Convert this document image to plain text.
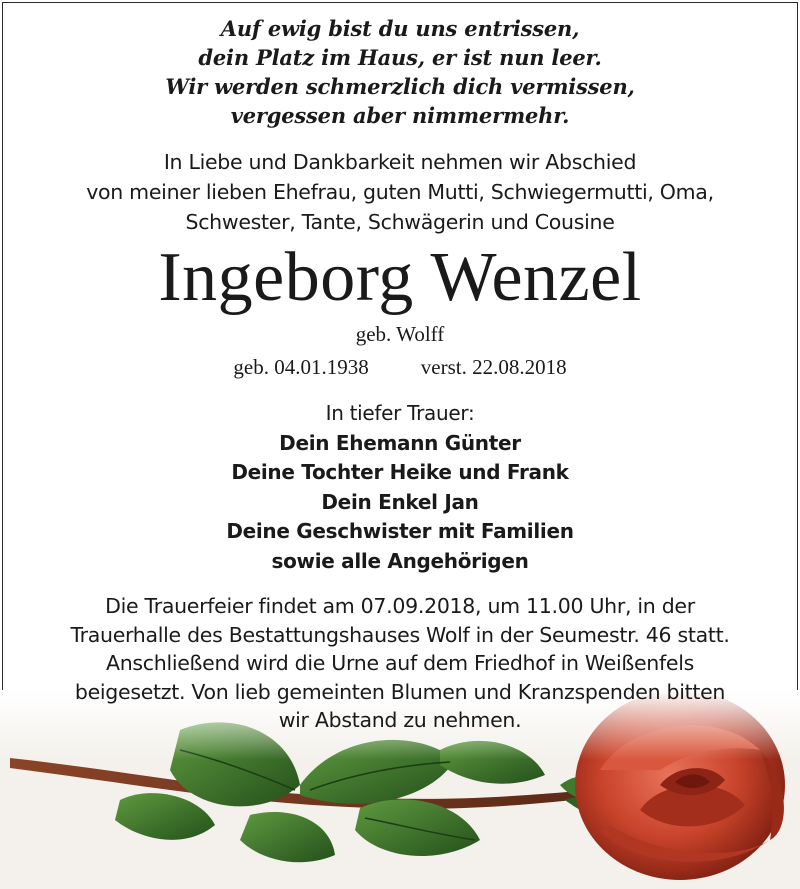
Auf ewig bist du uns entrissen,
dein Platz im Haus, er ist nun leer.
Wir werden schmerzlich dich vermissen,
vergessen aber nimmermehr.
In Liebe und Dankbarkeit nehmen wir Abschied
von meiner lieben Ehefrau, guten Mutti, Schwiegermutti, Oma,
Schwester, Tante, Schwägerin und Cousine
Ingeborg Wenzel
geb. Wolff
geb. 04.01.1938 verst. 22.08.2018
In tiefer Trauer:
Dein Ehemann Günter
Deine Tochter Heike und Frank
Dein Enkel Jan
Deine Geschwister mit Familien
sowie alle Angehörigen
Die Trauerfeier findet am 07.09.2018, um 11.00 Uhr, in der
Trauerhalle des Bestattungshauses Wolf in der Seumestr. 46 statt.
Anschließend wird die Urne auf dem Friedhof in Weißenfels
beigesetzt. Von lieb gemeinten Blumen und Kranzspenden bitten
wir Abstand zu nehmen.
